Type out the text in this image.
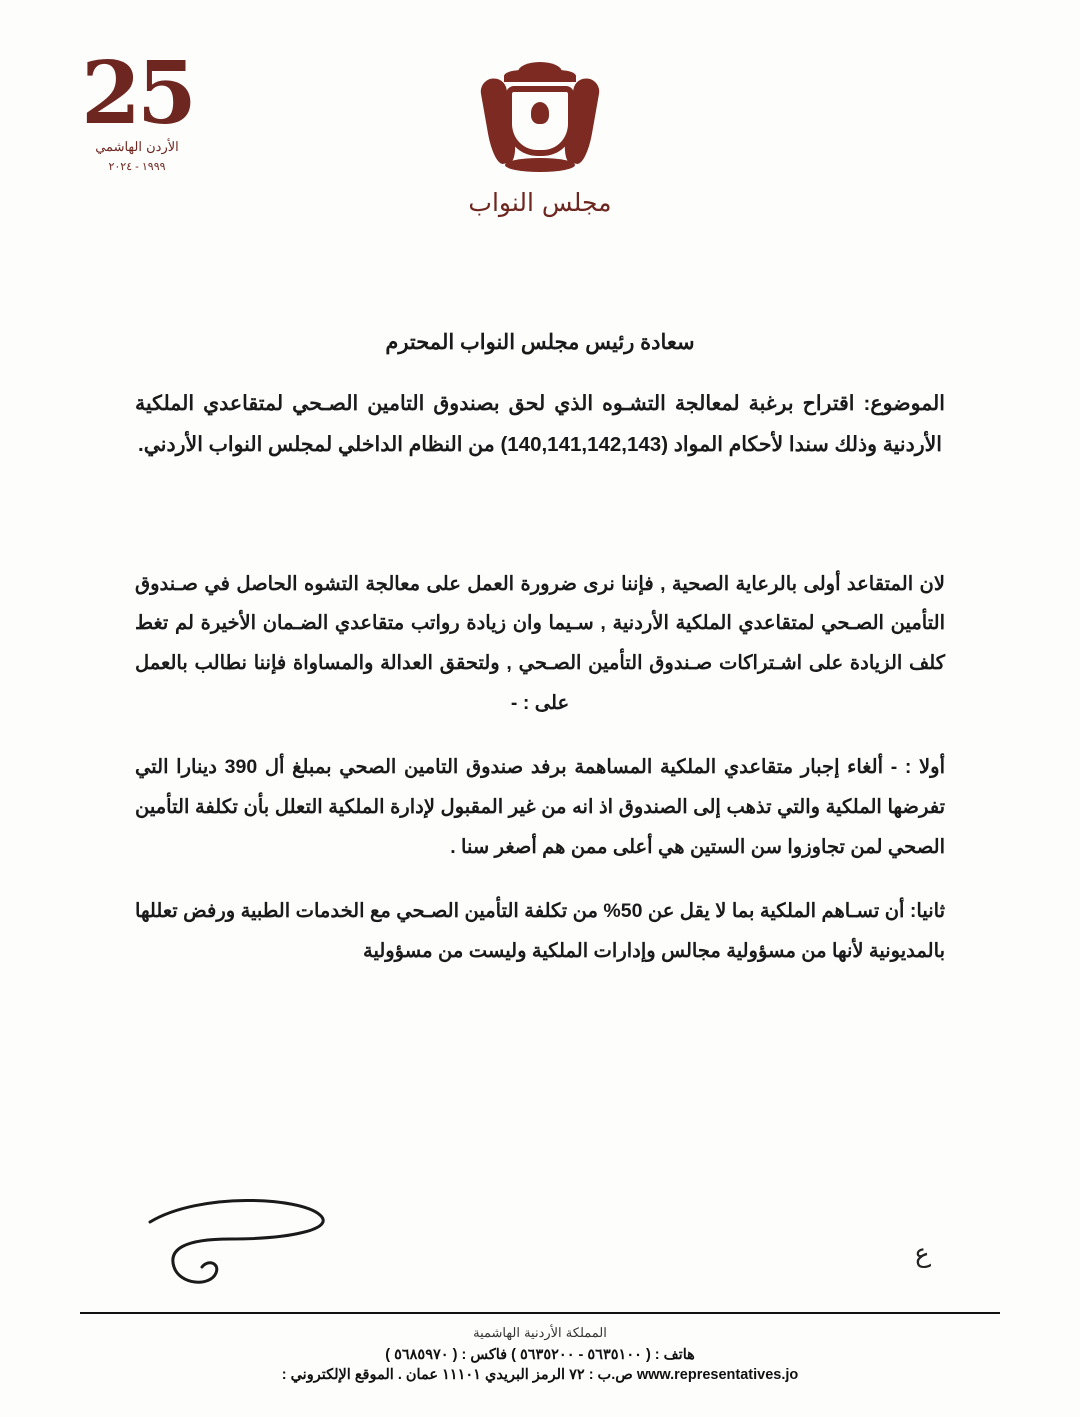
مجلس النواب
25
الأردن الهاشمي
١٩٩٩ - ٢٠٢٤
سعادة رئيس مجلس النواب المحترم
الموضوع: اقتراح برغبة لمعالجة التشـوه الذي لحق بصندوق التامين الصـحي لمتقاعدي الملكية الأردنية وذلك سندا لأحكام المواد (140,141,142,143) من النظام الداخلي لمجلس النواب الأردني.

لان المتقاعد أولى بالرعاية الصحية , فإننا نرى ضرورة العمل على معالجة التشوه الحاصل في صـندوق التأمين الصـحي لمتقاعدي الملكية الأردنية , سـيما وان زيادة رواتب متقاعدي الضـمان الأخيرة لم تغط كلف الزيادة على اشـتراكات صـندوق التأمين الصـحي , ولتحقق العدالة والمساواة فإننا نطالب بالعمل على : -

أولا : - ألغاء إجبار متقاعدي الملكية المساهمة برفد صندوق التامين الصحي بمبلغ أل 390 دينارا التي تفرضها الملكية والتي تذهب إلى الصندوق اذ انه من غير المقبول لإدارة الملكية التعلل بأن تكلفة التأمين الصحي لمن تجاوزوا سن الستين هي أعلى ممن هم أصغر سنا .

ثانيا: أن تسـاهم الملكية بما لا يقل عن 50% من تكلفة التأمين الصـحي مع الخدمات الطبية ورفض تعللها بالمديونية لأنها من مسؤولية مجالس وإدارات الملكية وليست من مسؤولية

ع
المملكة الأردنية الهاشمية
هاتف : ( ٥٦٣٥١٠٠ - ٥٦٣٥٢٠٠ ) فاكس : ( ٥٦٨٥٩٧٠ )
www.representatives.jo ص.ب : ٧٢ الرمز البريدي ١١١٠١ عمان . الموقع الإلكتروني :
